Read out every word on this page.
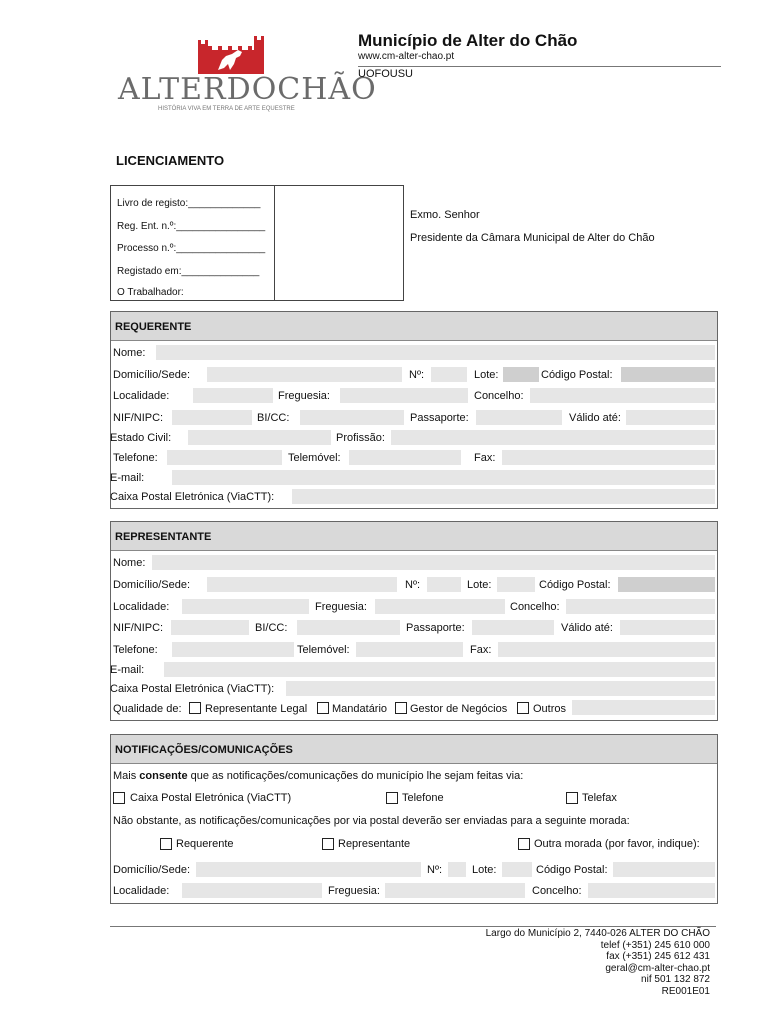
ALTERDOCHÃO
HISTÓRIA VIVA EM TERRA DE ARTE EQUESTRE
Município de Alter do Chão
www.cm-alter-chao.pt
UOFOUSU
LICENCIAMENTO
Livro de registo:_____________
Reg. Ent. n.º:________________
Processo n.º:________________
Registado em:______________
O Trabalhador:
Exmo. Senhor
Presidente da Câmara Municipal de Alter do Chão
REQUERENTE
Nome:
Domicílio/Sede:	Nº:	Lote:	Código Postal:
Localidade:	Freguesia:	Concelho:
NIF/NIPC:	BI/CC:	Passaporte:	Válido até:
Estado Civil:	Profissão:
Telefone:	Telemóvel:	Fax:
E-mail:
Caixa Postal Eletrónica (ViaCTT):
REPRESENTANTE
Nome:
Domicílio/Sede:	Nº:	Lote:	Código Postal:
Localidade:	Freguesia:	Concelho:
NIF/NIPC:	BI/CC:	Passaporte:	Válido até:
Telefone:	Telemóvel:	Fax:
E-mail:
Caixa Postal Eletrónica (ViaCTT):
Qualidade de: Representante Legal Mandatário Gestor de Negócios Outros
NOTIFICAÇÕES/COMUNICAÇÕES
Mais consente que as notificações/comunicações do município lhe sejam feitas via:
Caixa Postal Eletrónica (ViaCTT)	Telefone	Telefax
Não obstante, as notificações/comunicações por via postal deverão ser enviadas para a seguinte morada:
Requerente	Representante	Outra morada (por favor, indique):
Domicílio/Sede:	Nº:	Lote:	Código Postal:
Localidade:	Freguesia:	Concelho:
Largo do Município 2, 7440-026 ALTER DO CHÃO
telef (+351) 245 610 000
fax (+351) 245 612 431
geral@cm-alter-chao.pt
nif 501 132 872
RE001E01
